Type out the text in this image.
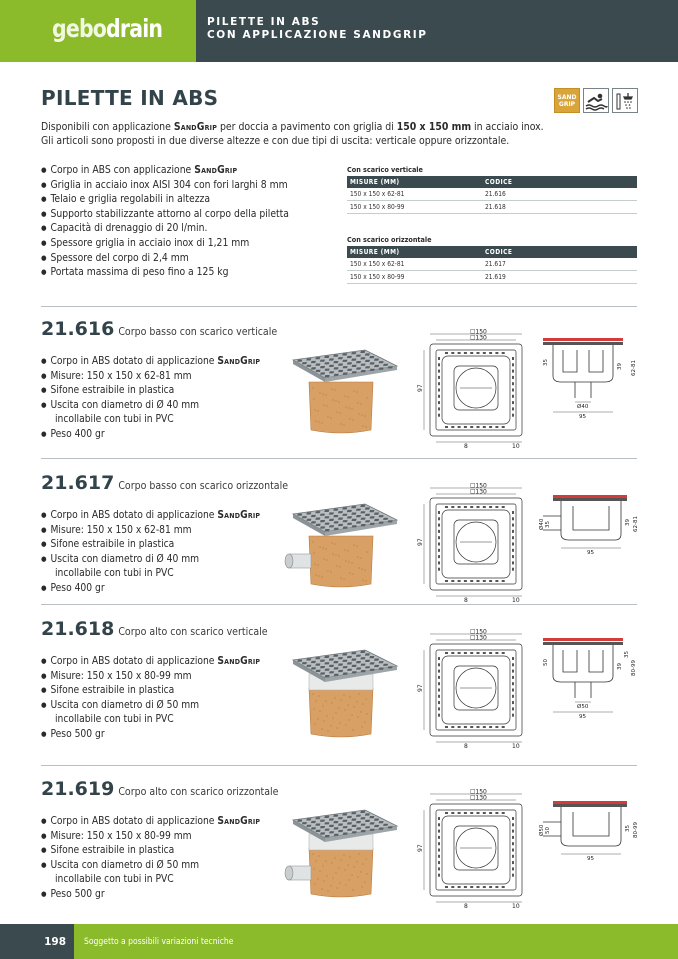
gebodrain	PILETTE IN ABS
CON APPLICAZIONE SANDGRIP
PILETTE IN ABS	SAND GRIP
Disponibili con applicazione SandGrip per doccia a pavimento con griglia di 150 x 150 mm in acciaio inox.
Gli articoli sono proposti in due diverse altezze e con due tipi di uscita: verticale oppure orizzontale.
● Corpo in ABS con applicazione SandGrip
● Griglia in acciaio inox AISI 304 con fori larghi 8 mm
● Telaio e griglia regolabili in altezza
● Supporto stabilizzante attorno al corpo della piletta
● Capacità di drenaggio di 20 l/min.
● Spessore griglia in acciaio inox di 1,21 mm
● Spessore del corpo di 2,4 mm
● Portata massima di peso fino a 125 kg
Con scarico verticale
MISURE (MM)	CODICE
150 x 150 x 62-81	21.616
150 x 150 x 80-99	21.618
Con scarico orizzontale
MISURE (MM)	CODICE
150 x 150 x 62-81	21.617
150 x 150 x 80-99	21.619
21.616 Corpo basso con scarico verticale
● Corpo in ABS dotato di applicazione SandGrip
● Misure: 150 x 150 x 62-81 mm
● Sifone estraibile in plastica
● Uscita con diametro di Ø 40 mm
incollabile con tubi in PVC
● Peso 400 gr
☐150
☐130
97
8	10
Ø40
95
35
39 62-81
21.617 Corpo basso con scarico orizzontale
● Corpo in ABS dotato di applicazione SandGrip
● Misure: 150 x 150 x 62-81 mm
● Sifone estraibile in plastica
● Uscita con diametro di Ø 40 mm
incollabile con tubi in PVC
● Peso 400 gr
☐150
☐130
97
8	10
95
Ø40 35	39 62-81
21.618 Corpo alto con scarico verticale
● Corpo in ABS dotato di applicazione SandGrip
● Misure: 150 x 150 x 80-99 mm
● Sifone estraibile in plastica
● Uscita con diametro di Ø 50 mm
incollabile con tubi in PVC
● Peso 500 gr
☐150
☐130
97
8	10
Ø50
95
50
39 80-99
35
21.619 Corpo alto con scarico orizzontale
● Corpo in ABS dotato di applicazione SandGrip
● Misure: 150 x 150 x 80-99 mm
● Sifone estraibile in plastica
● Uscita con diametro di Ø 50 mm
incollabile con tubi in PVC
● Peso 500 gr
☐150
☐130
97
8	10
95
Ø50 50	35 80-99
198	Soggetto a possibili variazioni tecniche
